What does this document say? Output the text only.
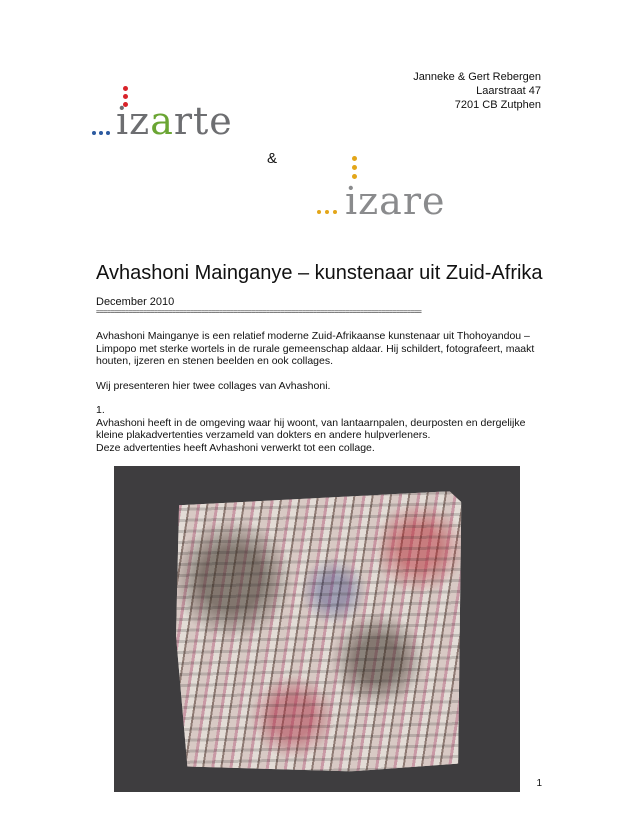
Janneke & Gert Rebergen
Laarstraat 47
7201 CB Zutphen
izarte
&
izare
Avhashoni Mainganye – kunstenaar uit Zuid-Afrika
December 2010
==========================================================================================

Avhashoni Mainganye is een relatief moderne Zuid-Afrikaanse kunstenaar uit Thohoyandou – Limpopo met sterke wortels in de rurale gemeenschap aldaar. Hij schildert, fotografeert, maakt houten, ijzeren en stenen beelden en ook collages.

Wij presenteren hier twee collages van Avhashoni.

1.

Avhashoni heeft in de omgeving waar hij woont, van lantaarnpalen, deurposten en dergelijke kleine plakadvertenties verzameld van dokters en andere hulpverleners.

Deze advertenties heeft Avhashoni verwerkt tot een collage.

1
